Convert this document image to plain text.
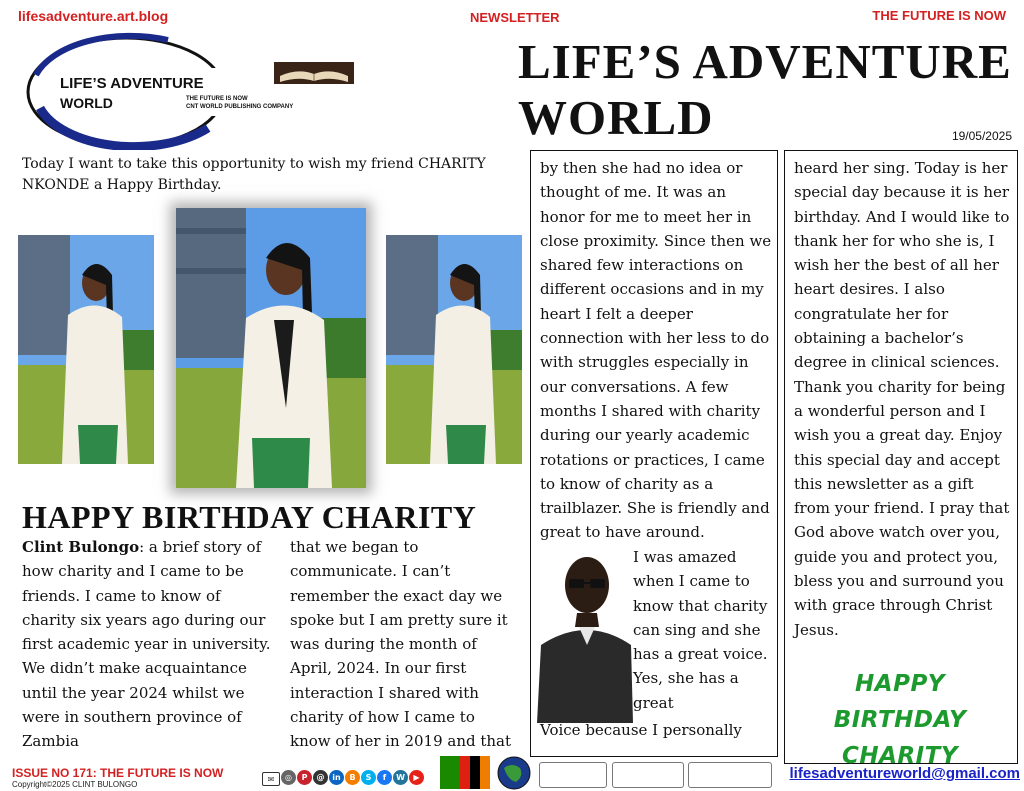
lifesadventure.art.blog	NEWSLETTER	THE FUTURE IS NOW
LIFE’S ADVENTURE
WORLD	19/05/2025
LIFE’S ADVENTURE
WORLD	THE FUTURE IS NOW
CNT WORLD PUBLISHING COMPANY
Today I want to take this opportunity to wish my friend CHARITY NKONDE a Happy Birthday.
HAPPY BIRTHDAY CHARITY
Clint Bulongo: a brief story of how charity and I came to be friends. I came to know of charity six years ago during our first academic year in university. We didn’t make acquaintance until the year 2024 whilst we were in southern province of Zambia
that we began to communicate. I can’t remember the exact day we spoke but I am pretty sure it was during the month of April, 2024. In our first interaction I shared with charity of how I came to know of her in 2019 and that
by then she had no idea or thought of me. It was an honor for me to meet her in close proximity. Since then we shared few interactions on different occasions and in my heart I felt a deeper connection with her less to do with struggles especially in our conversations. A few months I shared with charity during our yearly academic rotations or practices, I came to know of charity as a trailblazer. She is friendly and great to have around.
I was amazed when I came to know that charity can sing and she has a great voice. Yes, she has a great
Voice because I personally
heard her sing. Today is her special day because it is her birthday. And I would like to thank her for who she is, I wish her the best of all her heart desires. I also congratulate her for obtaining a bachelor’s degree in clinical sciences. Thank you charity for being a wonderful person and I wish you a great day. Enjoy this special day and accept this newsletter as a gift from your friend. I pray that God above watch over you, guide you and protect you, bless you and surround you with grace through Christ Jesus.
HAPPY BIRTHDAY
CHARITY
ISSUE NO 171: THE FUTURE IS NOW
Copyright©2025 CLINT BULONGO
✉ ◎ P @ in B S f W ▶	lifesadventureworld@gmail.com
